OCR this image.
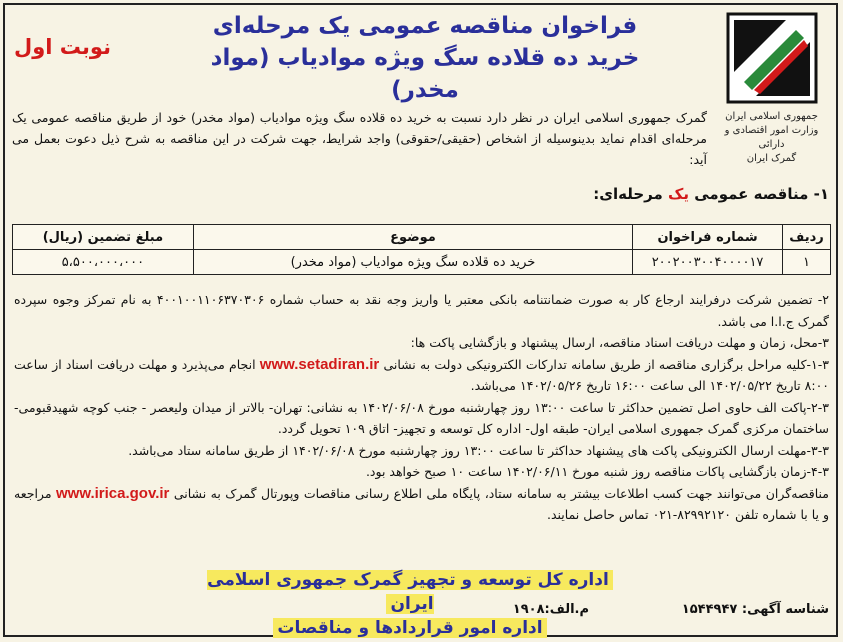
فراخوان مناقصه عمومی یک مرحله‌ای
خرید ده قلاده سگ ویژه موادیاب (مواد مخدر)
نوبت اول
جمهوری اسلامی ایران
وزارت امور اقتصادی و دارائی
گمرک ایران
گمرک جمهوری اسلامی ایران در نظر دارد نسبت به خرید ده قلاده سگ ویژه موادیاب (مواد مخدر) خود از طریق مناقصه عمومی یک مرحله‌ای اقدام نماید بدینوسیله از اشخاص (حقیقی/حقوقی) واجد شرایط، جهت شرکت در این مناقصه به شرح ذیل دعوت بعمل می آید:
۱- مناقصه عمومی یک مرحله‌ای:
ردیف	شماره فراخوان	موضوع	مبلغ تضمین (ریال)
۱	۲۰۰۲۰۰۳۰۰۴۰۰۰۰۱۷	خرید ده قلاده سگ ویژه موادیاب (مواد مخدر)	۵،۵۰۰،۰۰۰،۰۰۰

۲- تضمین شرکت درفرایند ارجاع کار به صورت ضمانتنامه بانکی معتبر یا واریز وجه نقد به حساب شماره ۴۰۰۱۰۰۱۱۰۶۳۷۰۳۰۶ به نام تمرکز وجوه سپرده گمرک ج.ا.ا می باشد.

۳-محل، زمان و مهلت دریافت اسناد مناقصه، ارسال پیشنهاد و بازگشایی پاکت ها:

۱-۳-کلیه مراحل برگزاری مناقصه از طریق سامانه تدارکات الکترونیکی دولت به نشانی www.setadiran.ir انجام می‌پذیرد و مهلت دریافت اسناد از ساعت ۸:۰۰ تاریخ ۱۴۰۲/۰۵/۲۲ الی ساعت ۱۶:۰۰ تاریخ ۱۴۰۲/۰۵/۲۶ می‌باشد.

۲-۳-پاکت الف حاوی اصل تضمین حداکثر تا ساعت ۱۳:۰۰ روز چهارشنبه مورخ ۱۴۰۲/۰۶/۰۸ به نشانی: تهران- بالاتر از میدان ولیعصر - جنب کوچه شهیدقبومی- ساختمان مرکزی گمرک جمهوری اسلامی ایران- طبقه اول- اداره کل توسعه و تجهیز- اتاق ۱۰۹ تحویل گردد.

۳-۳-مهلت ارسال الکترونیکی پاکت های پیشنهاد حداکثر تا ساعت ۱۳:۰۰ روز چهارشنبه مورخ ۱۴۰۲/۰۶/۰۸ از طریق سامانه ستاد می‌باشد.

۴-۳-زمان بازگشایی پاکات مناقصه روز شنبه مورخ ۱۴۰۲/۰۶/۱۱ ساعت ۱۰ صبح خواهد بود.

مناقصه‌گران می‌توانند جهت کسب اطلاعات بیشتر به سامانه ستاد، پایگاه ملی اطلاع رسانی مناقصات وپورتال گمرک به نشانی www.irica.gov.ir مراجعه و یا با شماره تلفن ۸۲۹۹۲۱۲۰-۰۲۱ تماس حاصل نمایند.

اداره کل توسعه و تجهیز گمرک جمهوری اسلامی ایران
اداره امور قراردادها و مناقصات
شناسه آگهی: ۱۵۴۴۹۴۷
م.الف:۱۹۰۸
